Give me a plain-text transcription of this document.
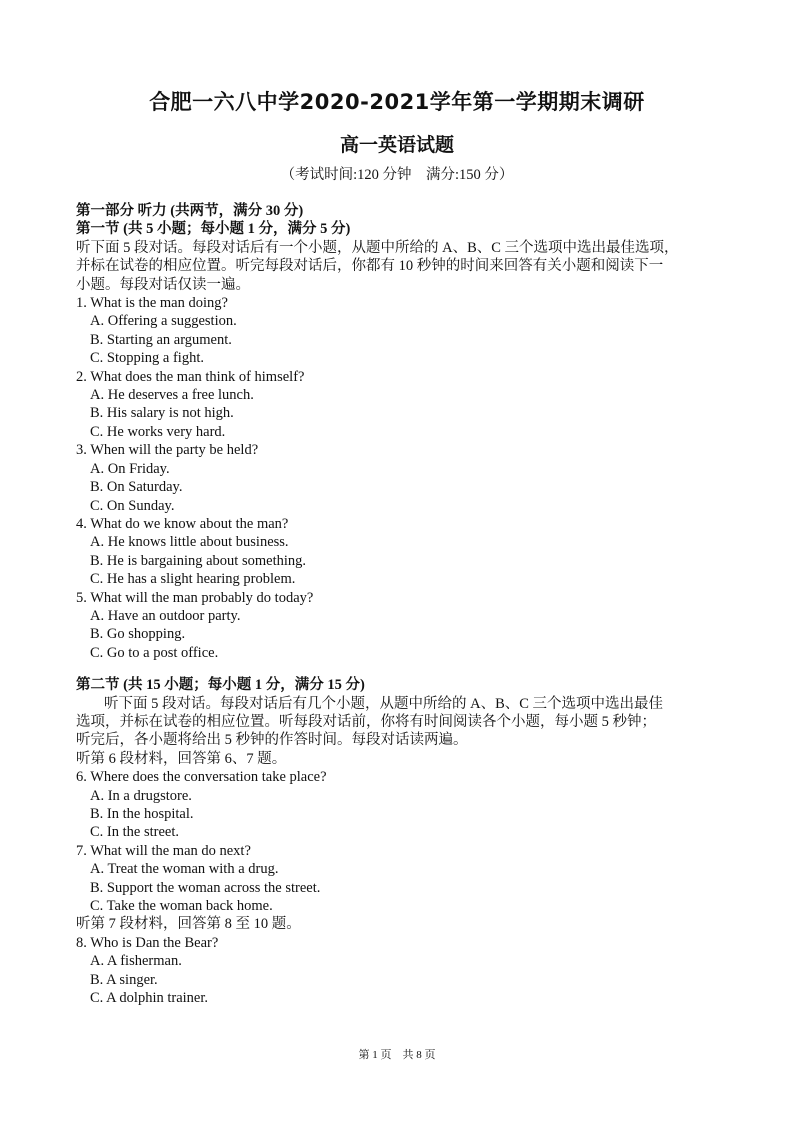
合肥一六八中学2020-2021学年第一学期期末调研
高一英语试题
（考试时间:120 分钟　满分:150 分）
第一部分 听力 (共两节，满分 30 分)
第一节 (共 5 小题；每小题 1 分，满分 5 分)
听下面 5 段对话。每段对话后有一个小题，从题中所给的 A、B、C 三个选项中选出最佳选项，
并标在试卷的相应位置。听完每段对话后，你都有 10 秒钟的时间来回答有关小题和阅读下一
小题。每段对话仅读一遍。
1. What is the man doing?
A. Offering a suggestion.
B. Starting an argument.
C. Stopping a fight.
2. What does the man think of himself?
A. He deserves a free lunch.
B. His salary is not high.
C. He works very hard.
3. When will the party be held?
A. On Friday.
B. On Saturday.
C. On Sunday.
4. What do we know about the man?
A. He knows little about business.
B. He is bargaining about something.
C. He has a slight hearing problem.
5. What will the man probably do today?
A. Have an outdoor party.
B. Go shopping.
C. Go to a post office.
第二节 (共 15 小题；每小题 1 分，满分 15 分)
听下面 5 段对话。每段对话后有几个小题，从题中所给的 A、B、C 三个选项中选出最佳
选项，并标在试卷的相应位置。听每段对话前，你将有时间阅读各个小题，每小题 5 秒钟；
听完后，各小题将给出 5 秒钟的作答时间。每段对话读两遍。
听第 6 段材料，回答第 6、7 题。
6. Where does the conversation take place?
A. In a drugstore.
B. In the hospital.
C. In the street.
7. What will the man do next?
A. Treat the woman with a drug.
B. Support the woman across the street.
C. Take the woman back home.
听第 7 段材料，回答第 8 至 10 题。
8. Who is Dan the Bear?
A. A fisherman.
B. A singer.
C. A dolphin trainer.
第 1 页　共 8 页
